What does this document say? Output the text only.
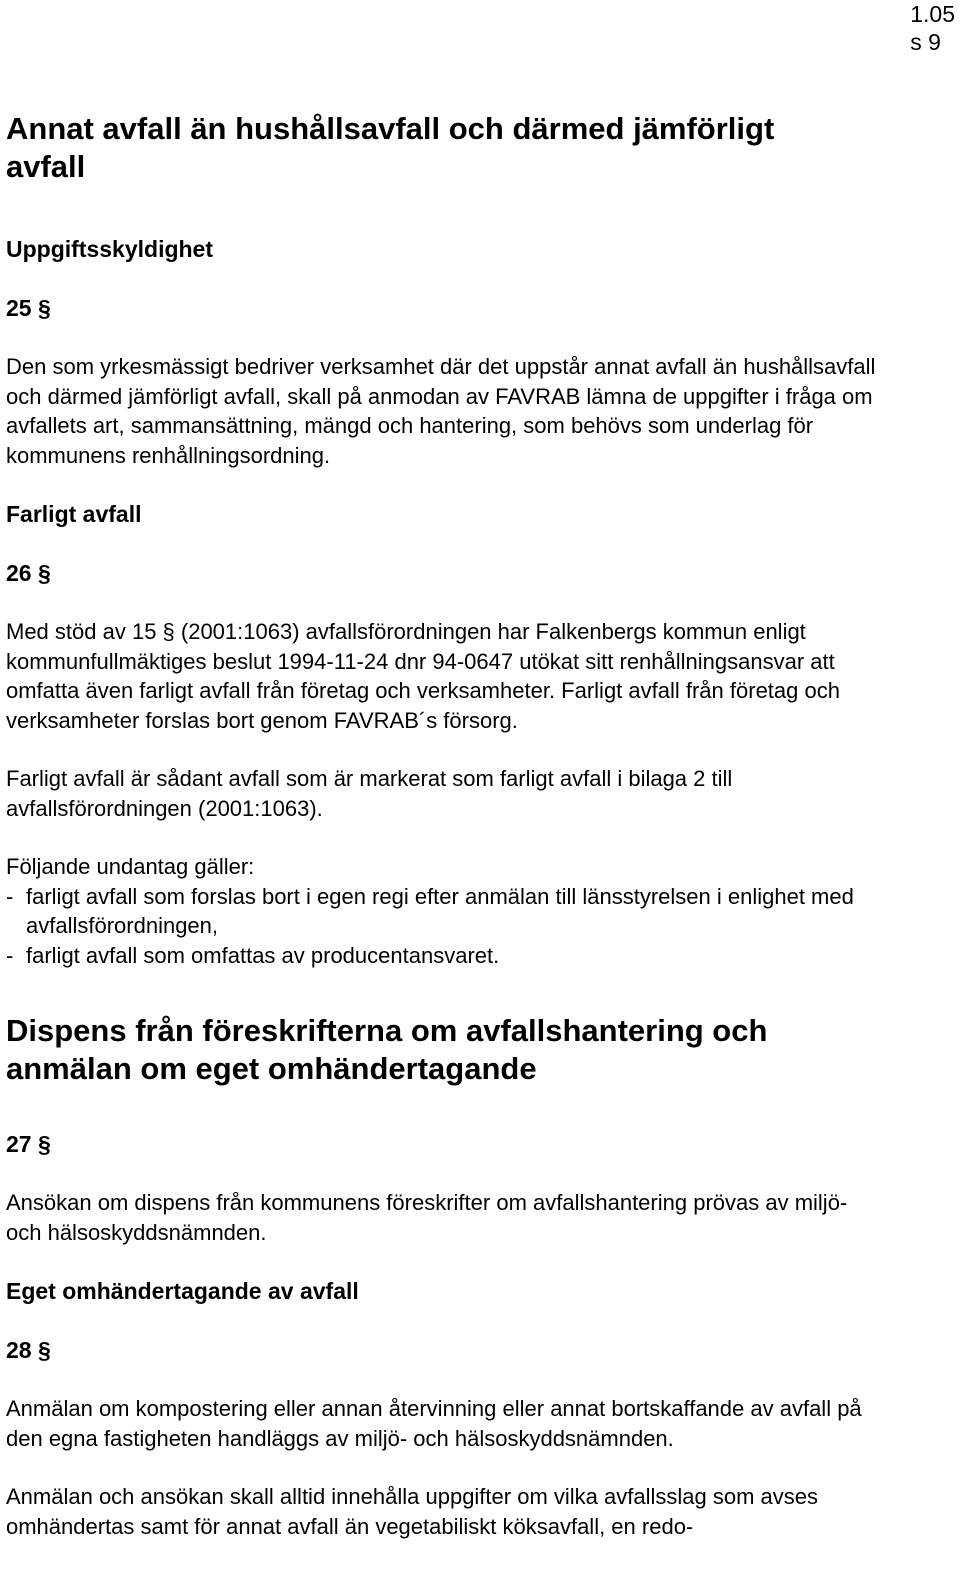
1.05
s 9
Annat avfall än hushållsavfall och därmed jämförligt avfall
Uppgiftsskyldighet
25 §

Den som yrkesmässigt bedriver verksamhet där det uppstår annat avfall än hushållsavfall och därmed jämförligt avfall, skall på anmodan av FAVRAB lämna de uppgifter i fråga om avfallets art, sammansättning, mängd och hantering, som behövs som underlag för kommunens renhållningsordning.

Farligt avfall
26 §

Med stöd av 15 § (2001:1063) avfallsförordningen har Falkenbergs kommun enligt kommunfullmäktiges beslut 1994-11-24 dnr 94-0647 utökat sitt renhållningsansvar att omfatta även farligt avfall från företag och verksamheter. Farligt avfall från företag och verksamheter forslas bort genom FAVRAB´s försorg.

Farligt avfall är sådant avfall som är markerat som farligt avfall i bilaga 2 till avfallsförordningen (2001:1063).

Följande undantag gäller:

- farligt avfall som forslas bort i egen regi efter anmälan till länsstyrelsen i enlighet med avfallsförordningen,
- farligt avfall som omfattas av producentansvaret.
Dispens från föreskrifterna om avfallshantering och anmälan om eget omhändertagande
27 §

Ansökan om dispens från kommunens föreskrifter om avfallshantering prövas av miljö- och hälsoskyddsnämnden.

Eget omhändertagande av avfall
28 §

Anmälan om kompostering eller annan återvinning eller annat bortskaffande av avfall på den egna fastigheten handläggs av miljö- och hälsoskyddsnämnden.

Anmälan och ansökan skall alltid innehålla uppgifter om vilka avfallsslag som avses omhändertas samt för annat avfall än vegetabiliskt köksavfall, en redo-
